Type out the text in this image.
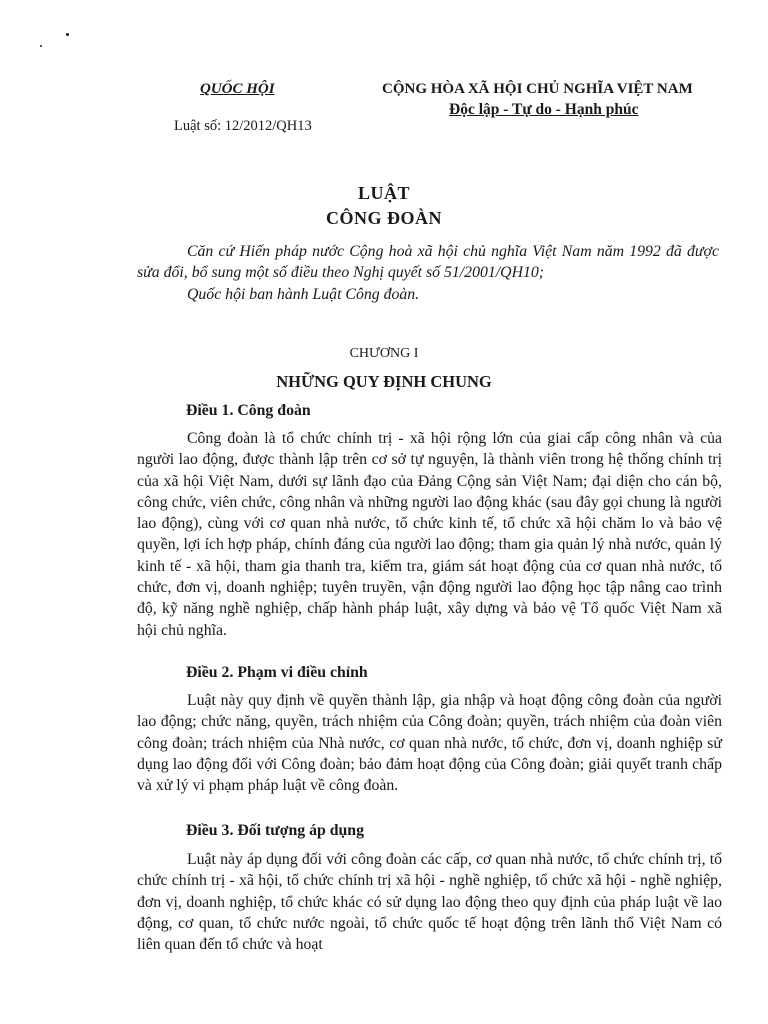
QUỐC HỘI
Luật số: 12/2012/QH13
CỘNG HÒA XÃ HỘI CHỦ NGHĨA VIỆT NAM
Độc lập - Tự do - Hạnh phúc
LUẬT
CÔNG ĐOÀN
Căn cứ Hiến pháp nước Cộng hoà xã hội chủ nghĩa Việt Nam năm 1992 đã được sửa đổi, bổ sung một số điều theo Nghị quyết số 51/2001/QH10;
Quốc hội ban hành Luật Công đoàn.
CHƯƠNG I
NHỮNG QUY ĐỊNH CHUNG
Điều 1. Công đoàn
Công đoàn là tổ chức chính trị - xã hội rộng lớn của giai cấp công nhân và của người lao động, được thành lập trên cơ sở tự nguyện, là thành viên trong hệ thống chính trị của xã hội Việt Nam, dưới sự lãnh đạo của Đảng Cộng sản Việt Nam; đại diện cho cán bộ, công chức, viên chức, công nhân và những người lao động khác (sau đây gọi chung là người lao động), cùng với cơ quan nhà nước, tổ chức kinh tế, tổ chức xã hội chăm lo và bảo vệ quyền, lợi ích hợp pháp, chính đáng của người lao động; tham gia quản lý nhà nước, quản lý kinh tế - xã hội, tham gia thanh tra, kiểm tra, giám sát hoạt động của cơ quan nhà nước, tổ chức, đơn vị, doanh nghiệp; tuyên truyền, vận động người lao động học tập nâng cao trình độ, kỹ năng nghề nghiệp, chấp hành pháp luật, xây dựng và bảo vệ Tổ quốc Việt Nam xã hội chủ nghĩa.
Điều 2. Phạm vi điều chỉnh
Luật này quy định về quyền thành lập, gia nhập và hoạt động công đoàn của người lao động; chức năng, quyền, trách nhiệm của Công đoàn; quyền, trách nhiệm của đoàn viên công đoàn; trách nhiệm của Nhà nước, cơ quan nhà nước, tổ chức, đơn vị, doanh nghiệp sử dụng lao động đối với Công đoàn; bảo đảm hoạt động của Công đoàn; giải quyết tranh chấp và xử lý vi phạm pháp luật về công đoàn.
Điều 3. Đối tượng áp dụng
Luật này áp dụng đối với công đoàn các cấp, cơ quan nhà nước, tổ chức chính trị, tổ chức chính trị - xã hội, tổ chức chính trị xã hội - nghề nghiệp, tổ chức xã hội - nghề nghiệp, đơn vị, doanh nghiệp, tổ chức khác có sử dụng lao động theo quy định của pháp luật về lao động, cơ quan, tổ chức nước ngoài, tổ chức quốc tế hoạt động trên lãnh thổ Việt Nam có liên quan đến tổ chức và hoạt
